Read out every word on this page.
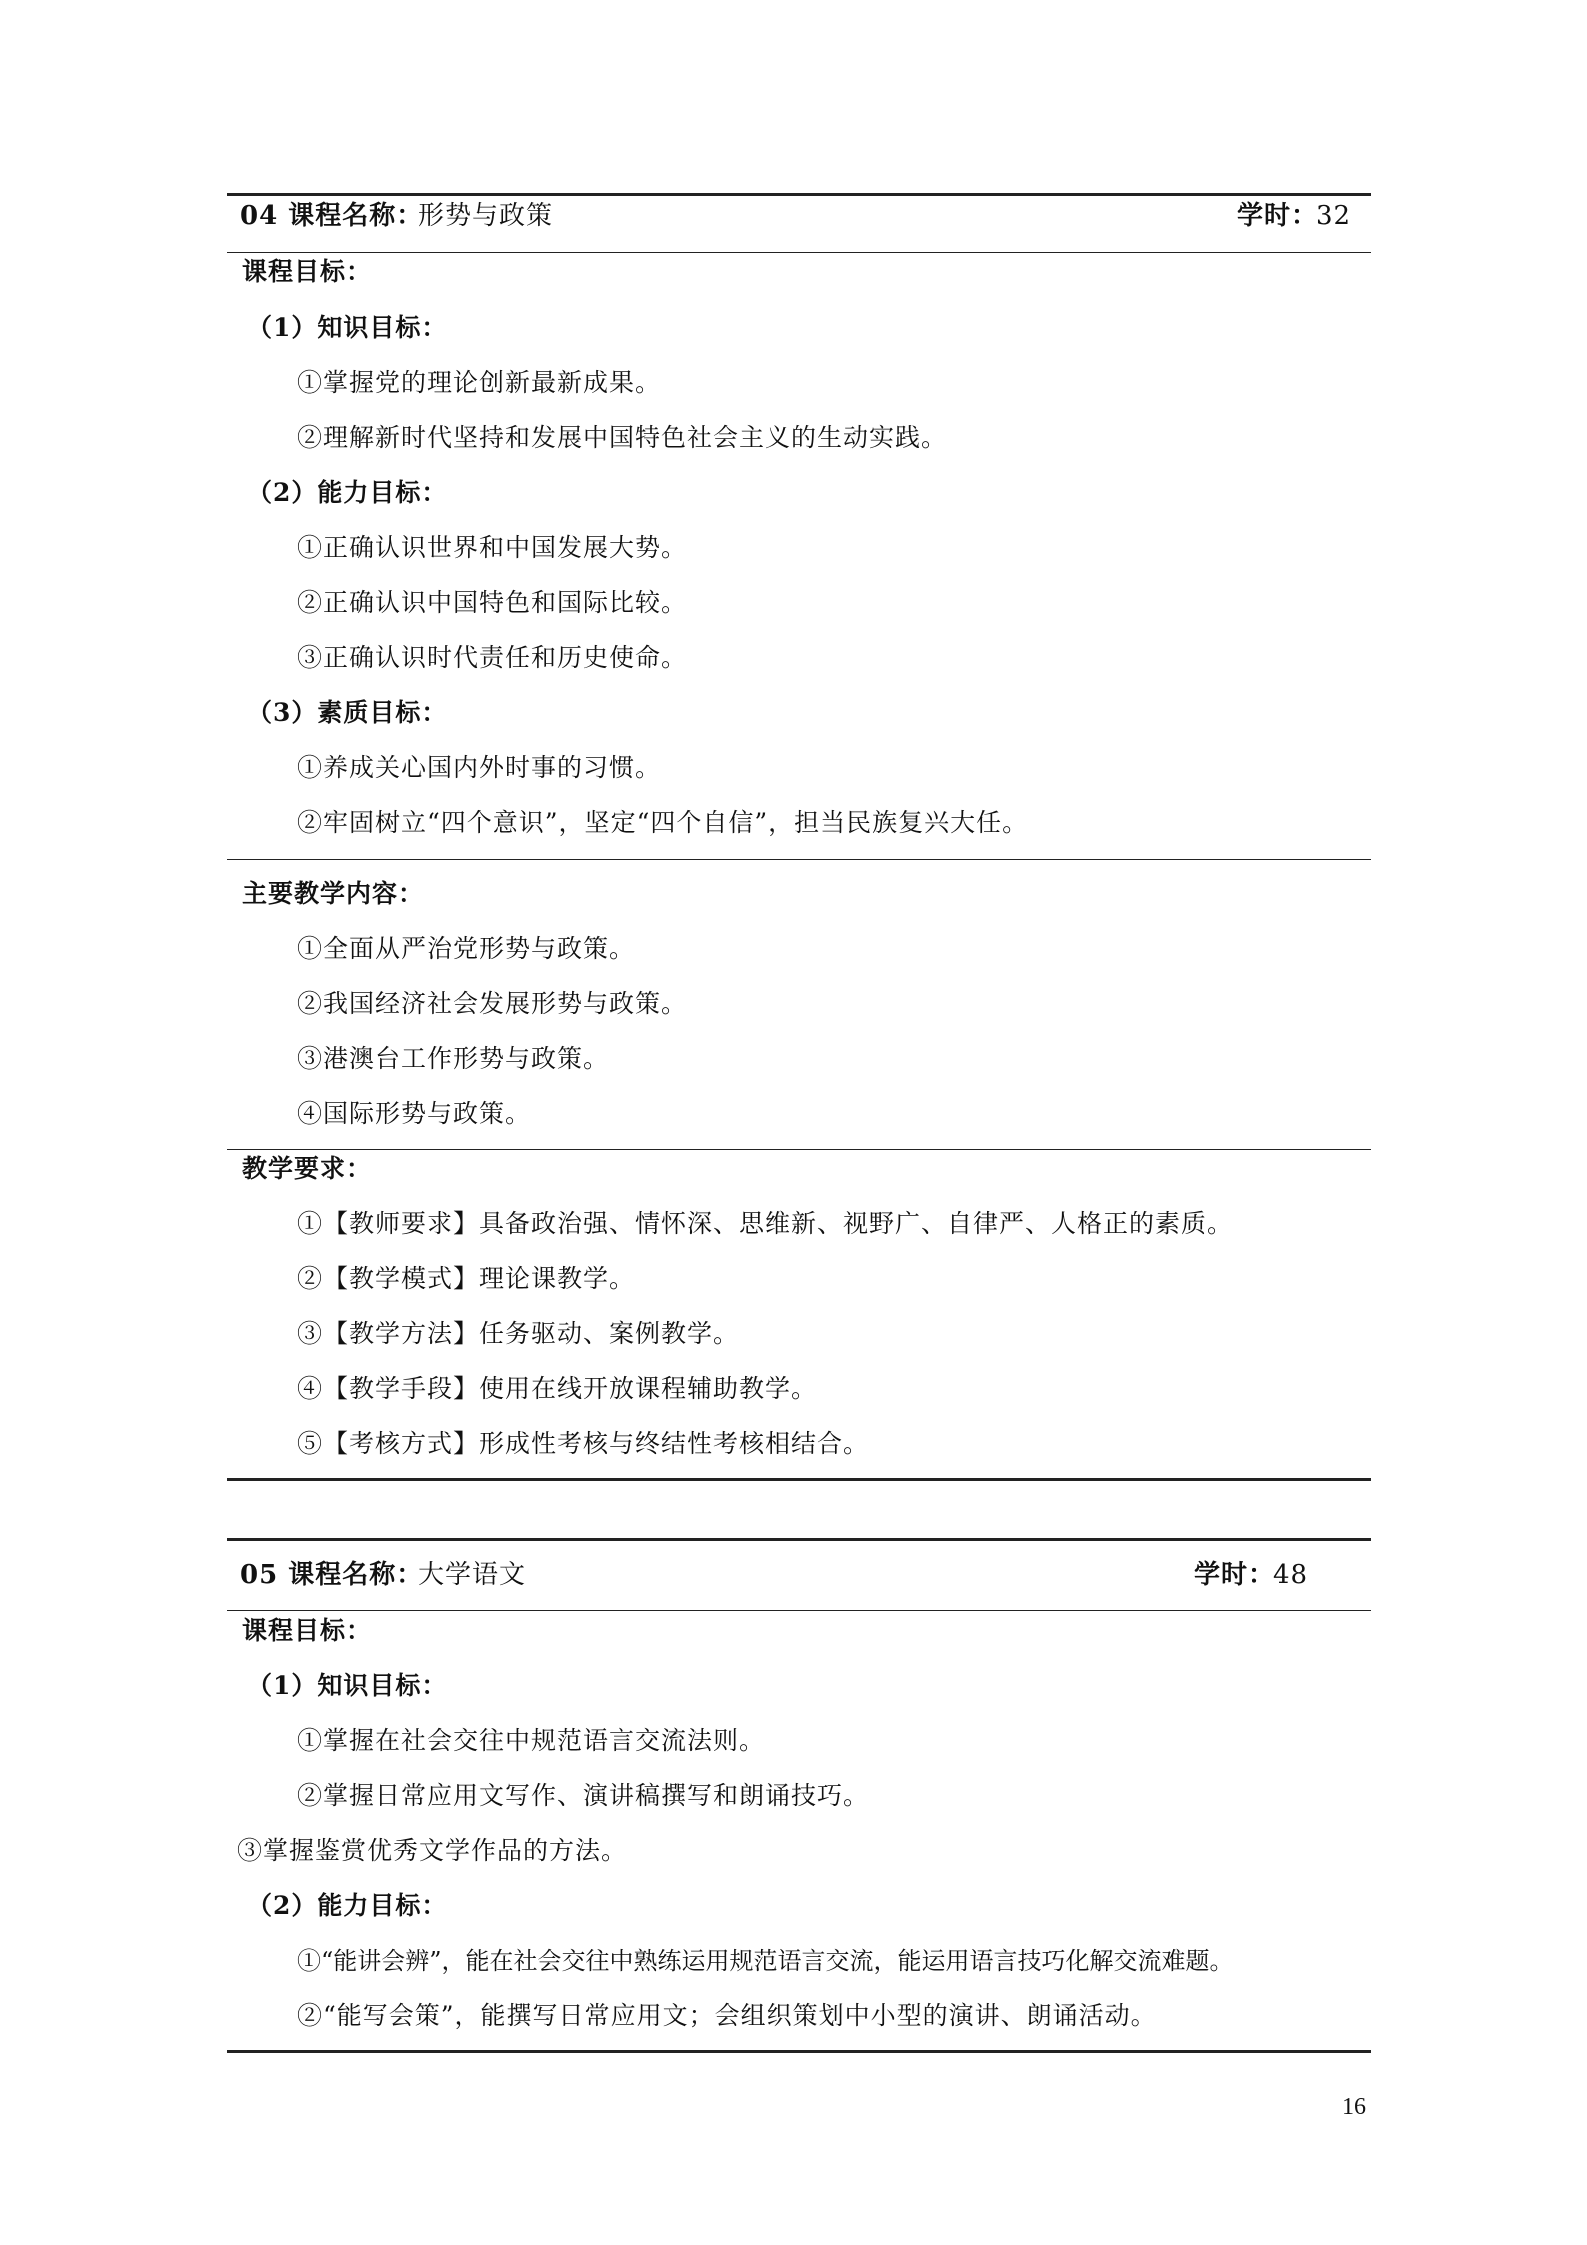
04 课程名称：
形势与政策	学时：
32
课程目标：
（1）知识目标：
①掌握党的理论创新最新成果。
②理解新时代坚持和发展中国特色社会主义的生动实践。
（2）能力目标：
①正确认识世界和中国发展大势。
②正确认识中国特色和国际比较。
③正确认识时代责任和历史使命。
（3）素质目标：
①养成关心国内外时事的习惯。
②牢固树立“四个意识”，坚定“四个自信”，担当民族复兴大任。
主要教学内容：
①全面从严治党形势与政策。
②我国经济社会发展形势与政策。
③港澳台工作形势与政策。
④国际形势与政策。
教学要求：
①【教师要求】具备政治强、情怀深、思维新、视野广、自律严、人格正的素质。
②【教学模式】理论课教学。
③【教学方法】任务驱动、案例教学。
④【教学手段】使用在线开放课程辅助教学。
⑤【考核方式】形成性考核与终结性考核相结合。
05 课程名称：
大学语文	学时：
48
课程目标：
（1）知识目标：
①掌握在社会交往中规范语言交流法则。
②掌握日常应用文写作、演讲稿撰写和朗诵技巧。
③掌握鉴赏优秀文学作品的方法。
（2）能力目标：
①“能讲会辨”，能在社会交往中熟练运用规范语言交流，能运用语言技巧化解交流难题。
②“能写会策”，能撰写日常应用文；会组织策划中小型的演讲、朗诵活动。
16
